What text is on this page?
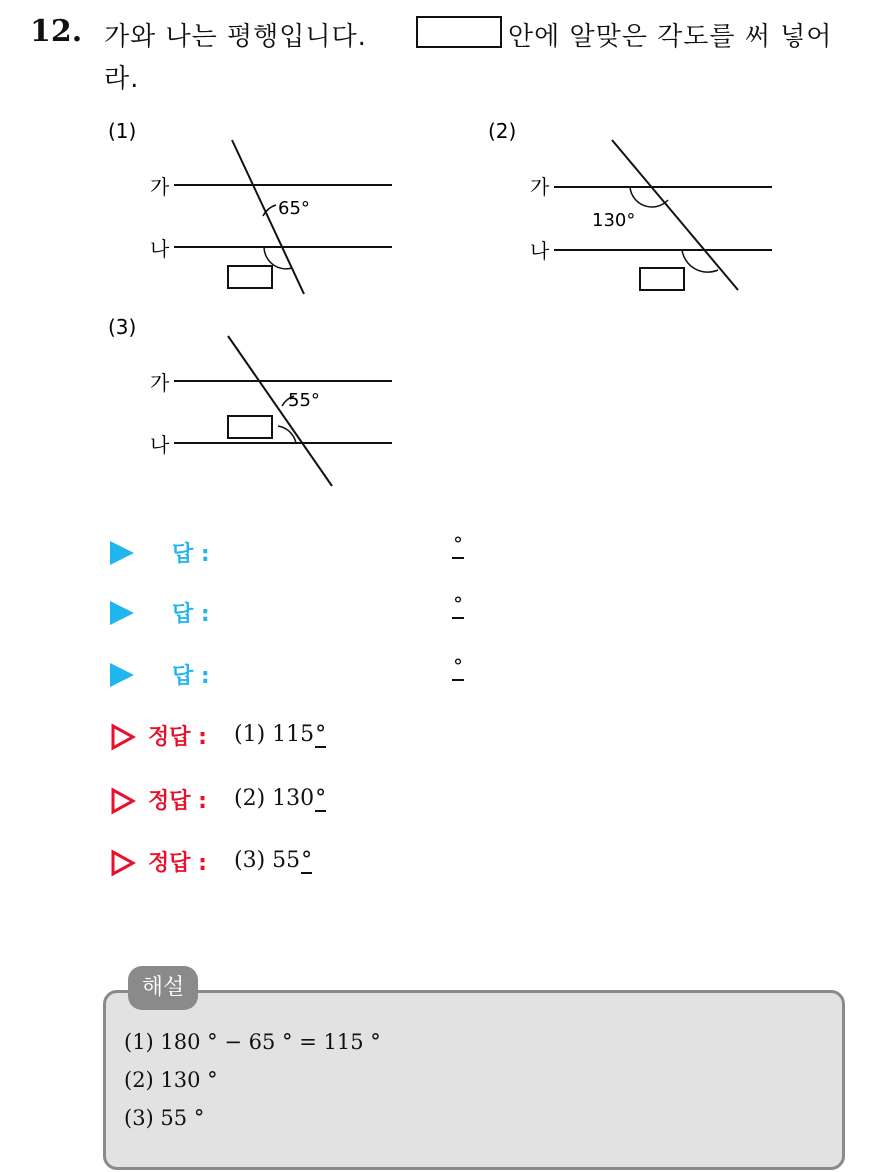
12. 가와 나는 평행입니다.	안에 알맞은 각도를 써 넣어
라.
(1)
가
나
65°
(2)
가
나
130°
(3)
가
나
55°
답 :	°
답 :	°
답 :	°
정답 : (1) 115°
정답 : (2) 130°
정답 : (3) 55°
해설
(1) 180 ° − 65 ° = 115 °
(2) 130 °
(3) 55 °
